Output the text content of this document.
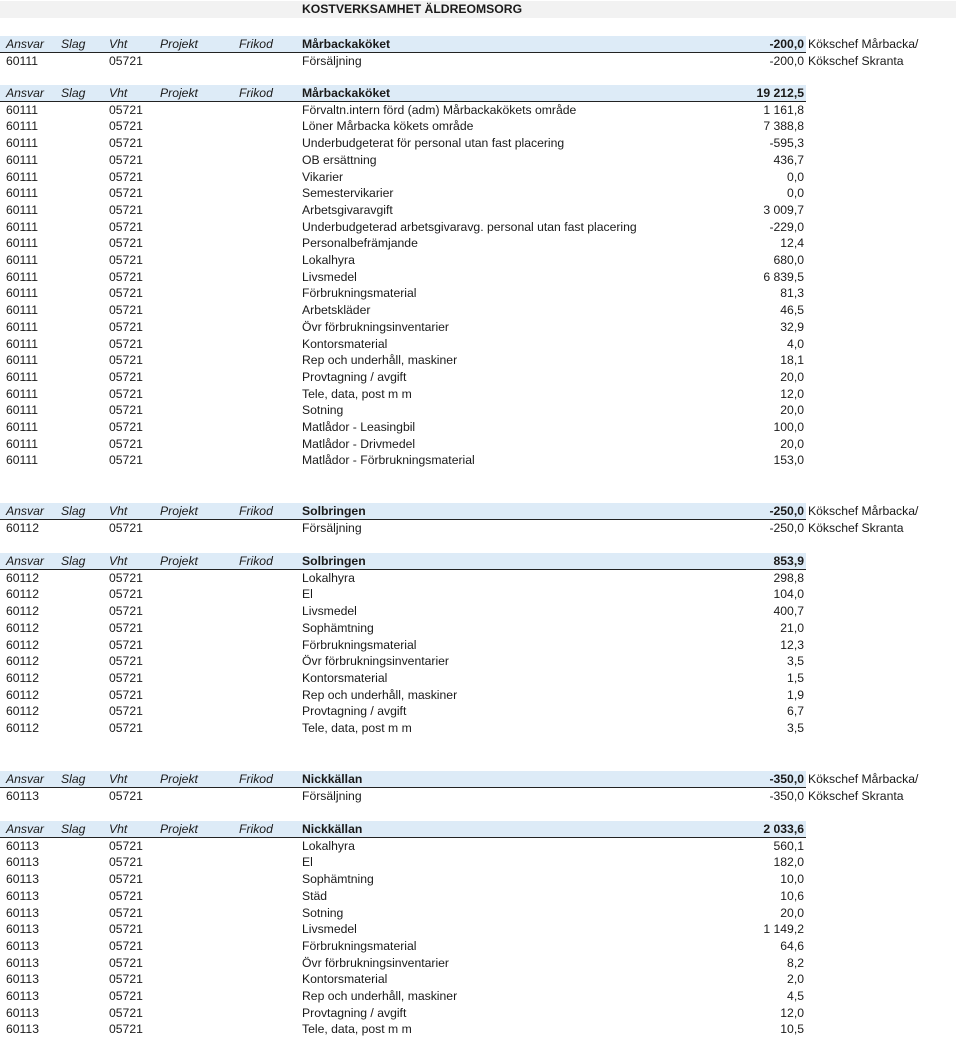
KOSTVERKSAMHET ÄLDREOMSORG
Ansvar Slag Vht	Projekt	Frikod Mårbackaköket	-200,0 Kökschef Mårbacka/
60111	05721	Försäljning	-200,0 Kökschef Skranta
Ansvar Slag Vht	Projekt	Frikod Mårbackaköket	19 212,5
60111	05721	Förvaltn.intern förd (adm) Mårbackakökets område	1 161,8
60111	05721	Löner Mårbacka kökets område	7 388,8
60111	05721	Underbudgeterat för personal utan fast placering	-595,3
60111	05721	OB ersättning	436,7
60111	05721	Vikarier	0,0
60111	05721	Semestervikarier	0,0
60111	05721	Arbetsgivaravgift	3 009,7
60111	05721	Underbudgeterad arbetsgivaravg. personal utan fast placering	-229,0
60111	05721	Personalbefrämjande	12,4
60111	05721	Lokalhyra	680,0
60111	05721	Livsmedel	6 839,5
60111	05721	Förbrukningsmaterial	81,3
60111	05721	Arbetskläder	46,5
60111	05721	Övr förbrukningsinventarier	32,9
60111	05721	Kontorsmaterial	4,0
60111	05721	Rep och underhåll, maskiner	18,1
60111	05721	Provtagning / avgift	20,0
60111	05721	Tele, data, post m m	12,0
60111	05721	Sotning	20,0
60111	05721	Matlådor - Leasingbil	100,0
60111	05721	Matlådor - Drivmedel	20,0
60111	05721	Matlådor - Förbrukningsmaterial	153,0
Ansvar Slag Vht	Projekt	Frikod Solbringen	-250,0 Kökschef Mårbacka/
60112	05721	Försäljning	-250,0 Kökschef Skranta
Ansvar Slag Vht	Projekt	Frikod Solbringen	853,9
60112	05721	Lokalhyra	298,8
60112	05721	El	104,0
60112	05721	Livsmedel	400,7
60112	05721	Sophämtning	21,0
60112	05721	Förbrukningsmaterial	12,3
60112	05721	Övr förbrukningsinventarier	3,5
60112	05721	Kontorsmaterial	1,5
60112	05721	Rep och underhåll, maskiner	1,9
60112	05721	Provtagning / avgift	6,7
60112	05721	Tele, data, post m m	3,5
Ansvar Slag Vht	Projekt	Frikod Nickkällan	-350,0 Kökschef Mårbacka/
60113	05721	Försäljning	-350,0 Kökschef Skranta
Ansvar Slag Vht	Projekt	Frikod Nickkällan	2 033,6
60113	05721	Lokalhyra	560,1
60113	05721	El	182,0
60113	05721	Sophämtning	10,0
60113	05721	Städ	10,6
60113	05721	Sotning	20,0
60113	05721	Livsmedel	1 149,2
60113	05721	Förbrukningsmaterial	64,6
60113	05721	Övr förbrukningsinventarier	8,2
60113	05721	Kontorsmaterial	2,0
60113	05721	Rep och underhåll, maskiner	4,5
60113	05721	Provtagning / avgift	12,0
60113	05721	Tele, data, post m m	10,5
